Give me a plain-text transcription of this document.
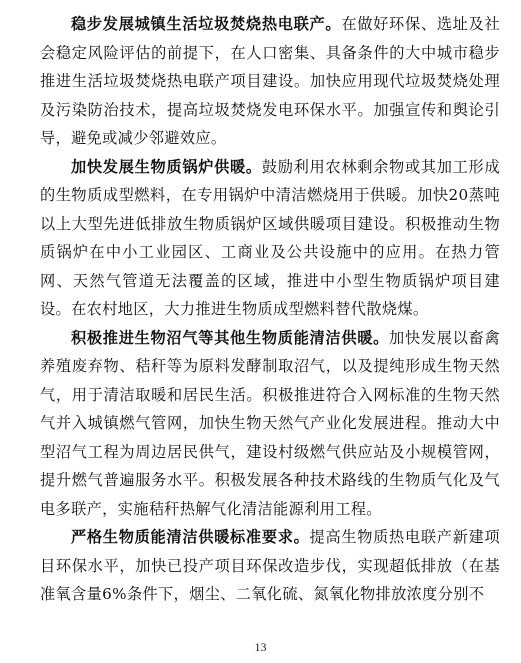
稳步发展城镇生活垃圾焚烧热电联产。在做好环保、选址及社会稳定风险评估的前提下，在人口密集、具备条件的大中城市稳步推进生活垃圾焚烧热电联产项目建设。加快应用现代垃圾焚烧处理及污染防治技术，提高垃圾焚烧发电环保水平。加强宣传和舆论引导，避免或减少邻避效应。

加快发展生物质锅炉供暖。鼓励利用农林剩余物或其加工形成的生物质成型燃料，在专用锅炉中清洁燃烧用于供暖。加快20蒸吨以上大型先进低排放生物质锅炉区域供暖项目建设。积极推动生物质锅炉在中小工业园区、工商业及公共设施中的应用。在热力管网、天然气管道无法覆盖的区域，推进中小型生物质锅炉项目建设。在农村地区，大力推进生物质成型燃料替代散烧煤。

积极推进生物沼气等其他生物质能清洁供暖。加快发展以畜禽养殖废弃物、秸秆等为原料发酵制取沼气，以及提纯形成生物天然气，用于清洁取暖和居民生活。积极推进符合入网标准的生物天然气并入城镇燃气管网，加快生物天然气产业化发展进程。推动大中型沼气工程为周边居民供气，建设村级燃气供应站及小规模管网，提升燃气普遍服务水平。积极发展各种技术路线的生物质气化及气电多联产，实施秸秆热解气化清洁能源利用工程。

严格生物质能清洁供暖标准要求。提高生物质热电联产新建项目环保水平，加快已投产项目环保改造步伐，实现超低排放（在基准氧含量6%条件下，烟尘、二氧化硫、氮氧化物排放浓度分别不

13
